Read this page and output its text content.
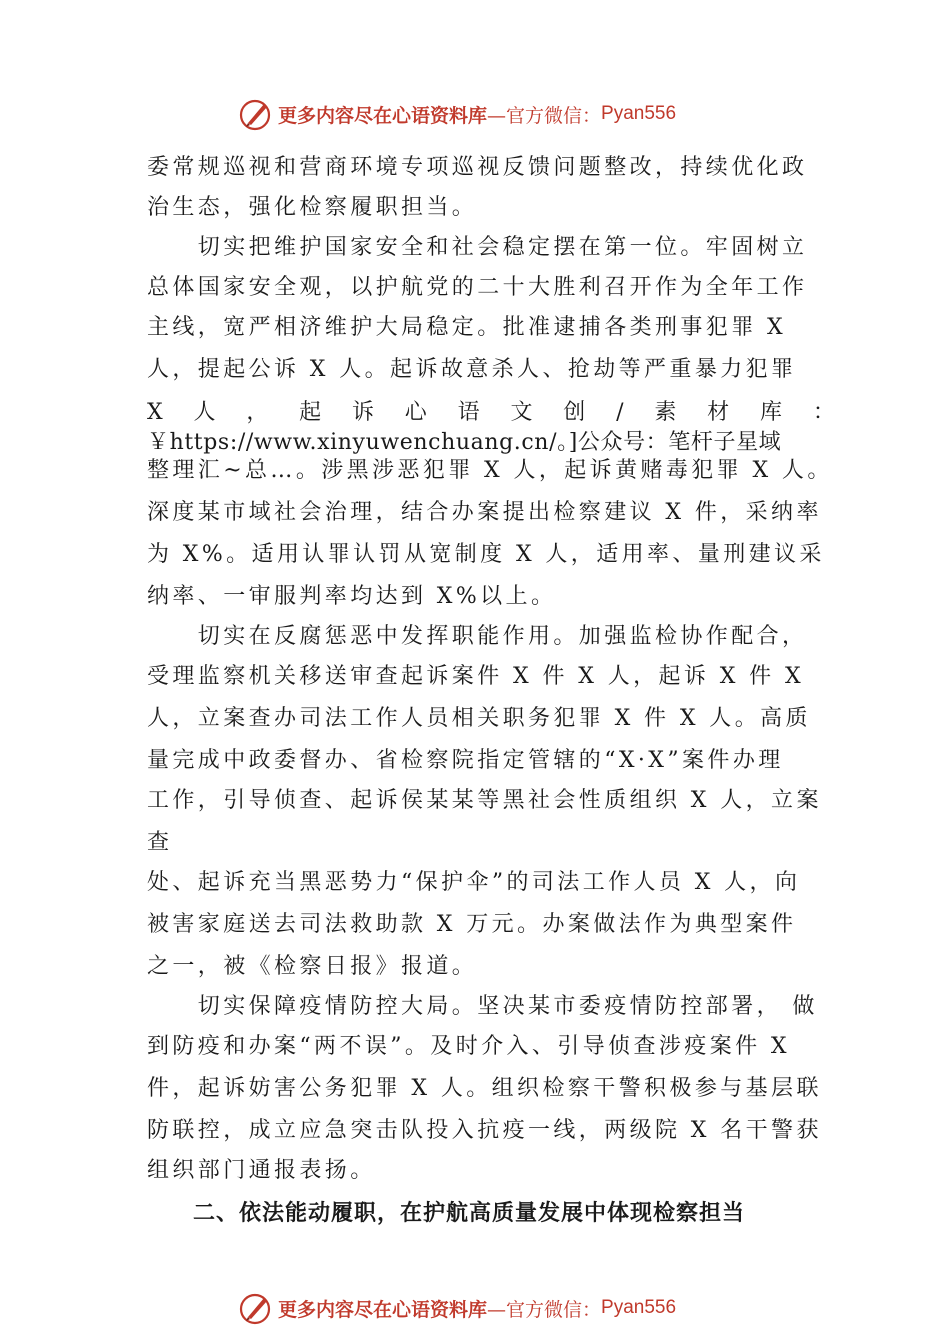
更多内容尽在心语资料库 —官方微信： Pyan556
委常规巡视和营商环境专项巡视反馈问题整改，持续优化政
治生态，强化检察履职担当。
　　切实把维护国家安全和社会稳定摆在第一位。牢固树立
总体国家安全观，以护航党的二十大胜利召开作为全年工作
主线，宽严相济维护大局稳定。批准逮捕各类刑事犯罪 X
人，提起公诉 X 人。起诉故意杀人、抢劫等严重暴力犯罪
X 人 ， 起 诉 心 语 文 创 / 素 材 库 ：
￥https://www.xinyuwenchuang.cn/。]公众号：笔杆子星域
整理汇~总…。涉黑涉恶犯罪 X 人，起诉黄赌毒犯罪 X 人。
深度某市域社会治理，结合办案提出检察建议 X 件，采纳率
为 X%。适用认罪认罚从宽制度 X 人，适用率、量刑建议采
纳率、一审服判率均达到 X%以上。
　　切实在反腐惩恶中发挥职能作用。加强监检协作配合，
受理监察机关移送审查起诉案件 X 件 X 人，起诉 X 件 X
人，立案查办司法工作人员相关职务犯罪 X 件 X 人。高质
量完成中政委督办、省检察院指定管辖的“X·X”案件办理
工作，引导侦查、起诉侯某某等黑社会性质组织 X 人，立案
查
处、起诉充当黑恶势力“保护伞”的司法工作人员 X 人，向
被害家庭送去司法救助款 X 万元。办案做法作为典型案件
之一，被《检察日报》报道。
　　切实保障疫情防控大局。坚决某市委疫情防控部署， 做
到防疫和办案“两不误”。及时介入、引导侦查涉疫案件 X
件，起诉妨害公务犯罪 X 人。组织检察干警积极参与基层联
防联控，成立应急突击队投入抗疫一线，两级院 X 名干警获
组织部门通报表扬。
　　二、依法能动履职，在护航高质量发展中体现检察担当
更多内容尽在心语资料库 —官方微信： Pyan556
